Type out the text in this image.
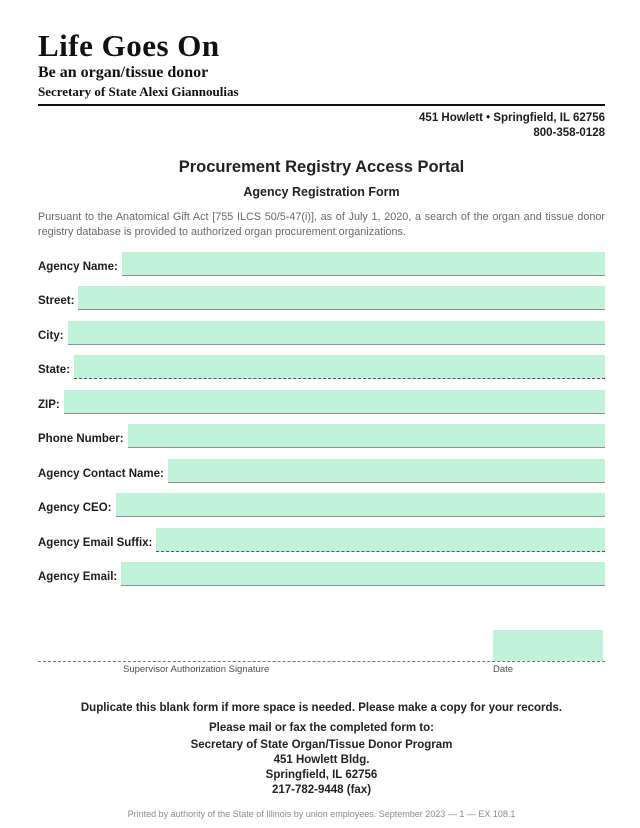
Life Goes On
Be an organ/tissue donor
Secretary of State Alexi Giannoulias
451 Howlett • Springfield, IL 62756
800-358-0128
Procurement Registry Access Portal
Agency Registration Form

Pursuant to the Anatomical Gift Act [755 ILCS 50/5-47(i)], as of July 1, 2020, a search of the organ and tissue donor registry database is provided to authorized organ procurement organizations.

Agency Name:
Street:
City:
State:
ZIP:
Phone Number:
Agency Contact Name:
Agency CEO:
Agency Email Suffix:
Agency Email:
Supervisor Authorization Signature	Date
Duplicate this blank form if more space is needed. Please make a copy for your records.
Please mail or fax the completed form to:
Secretary of State Organ/Tissue Donor Program
451 Howlett Bldg.
Springfield, IL 62756
217-782-9448 (fax)
Printed by authority of the State of Illinois by union employees. September 2023 — 1 — EX 108.1
